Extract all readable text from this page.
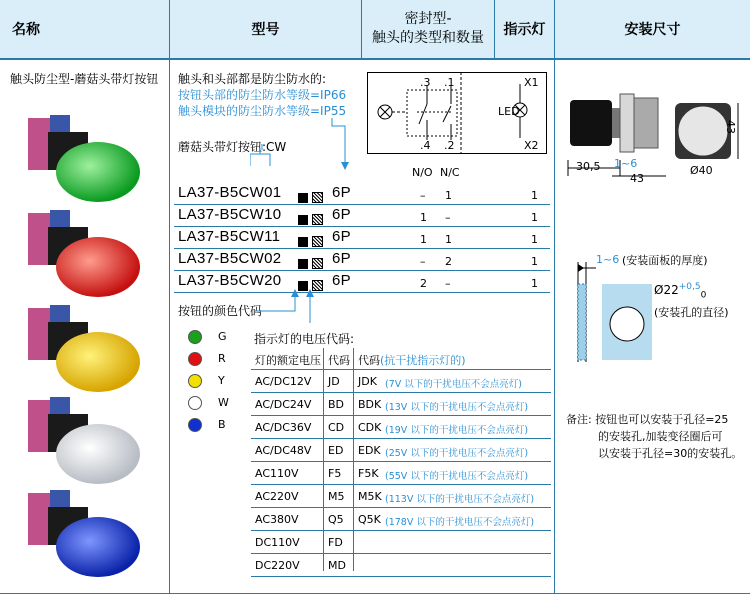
名称	型号
密封型-
触头的类型和数量	指示灯	安装尺寸
触头防尘型-蘑菇头带灯按钮 触头和头部都是防尘防水的:
按钮头部的防尘防水等级=IP66
触头模块的防尘防水等级=IP55
蘑菇头带灯按钮:CW
.3 .1
.4 .2
X1
X2
LED
N/O N/C
LA37-B5CW01	6P	– 1	1
LA37-B5CW10	6P	1 –	1
LA37-B5CW11	6P	1 1	1
LA37-B5CW02	6P	– 2	1
LA37-B5CW20	6P	2 –	1
按钮的颜色代码
G
R
Y
W
B
指示灯的电压代码:
灯的额定电压 代码 代码(抗干扰指示灯的)
AC/DC12V JD JDK (7V 以下的干扰电压不会点亮灯)
AC/DC24V BD BDK (13V 以下的干扰电压不会点亮灯)
AC/DC36V CD CDK (19V 以下的干扰电压不会点亮灯)
AC/DC48V ED EDK (25V 以下的干扰电压不会点亮灯)
AC110V	F5 F5K (55V 以下的干扰电压不会点亮灯)
AC220V	M5 M5K (113V 以下的干扰电压不会点亮灯)
AC380V	Q5 Q5K (178V 以下的干扰电压不会点亮灯)
DC110V	FD
DC220V	MD
30,5 1~6
43
43
Ø40
1~6 (安装面板的厚度)
$Ø22^{+0,5}_0$
(安装孔的直径)
备注: 按钮也可以安装于孔径=25
的安装孔,加装变径圈后可
以安装于孔径=30的安装孔。
